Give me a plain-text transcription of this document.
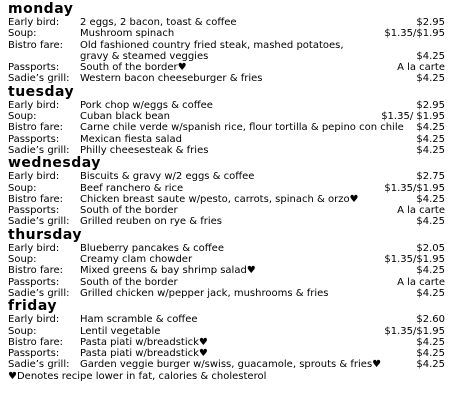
monday
Early bird:	2 eggs, 2 bacon, toast & coffee	$2.95
Soup:	Mushroom spinach	$1.35/$1.95
Bistro fare:	Old fashioned country fried steak, mashed potatoes,
gravy & steamed veggies	$4.25
Passports:	South of the border♥	A la carte
Sadie’s grill:	Western bacon cheeseburger & fries	$4.25
tuesday
Early bird:	Pork chop w/eggs & coffee	$2.95
Soup:	Cuban black bean	$1.35/ $1.95
Bistro fare:	Carne chile verde w/spanish rice, flour tortilla & pepino con chile	$4.25
Passports:	Mexican fiesta salad	$4.25
Sadie’s grill:	Philly cheesesteak & fries	$4.25
wednesday
Early bird:	Biscuits & gravy w/2 eggs & coffee	$2.75
Soup:	Beef ranchero & rice	$1.35/$1.95
Bistro fare:	Chicken breast saute w/pesto, carrots, spinach & orzo♥	$4.25
Passports:	South of the border	A la carte
Sadie’s grill:	Grilled reuben on rye & fries	$4.25
thursday
Early bird:	Blueberry pancakes & coffee	$2.05
Soup:	Creamy clam chowder	$1.35/$1.95
Bistro fare:	Mixed greens & bay shrimp salad♥	$4.25
Passports:	South of the border	A la carte
Sadie’s grill:	Grilled chicken w/pepper jack, mushrooms & fries	$4.25
friday
Early bird:	Ham scramble & coffee	$2.60
Soup:	Lentil vegetable	$1.35/$1.95
Bistro fare:	Pasta piati w/breadstick♥	$4.25
Passports:	Pasta piati w/breadstick♥	$4.25
Sadie’s grill:	Garden veggie burger w/swiss, guacamole, sprouts & fries♥	$4.25
♥Denotes recipe lower in fat, calories & cholesterol
